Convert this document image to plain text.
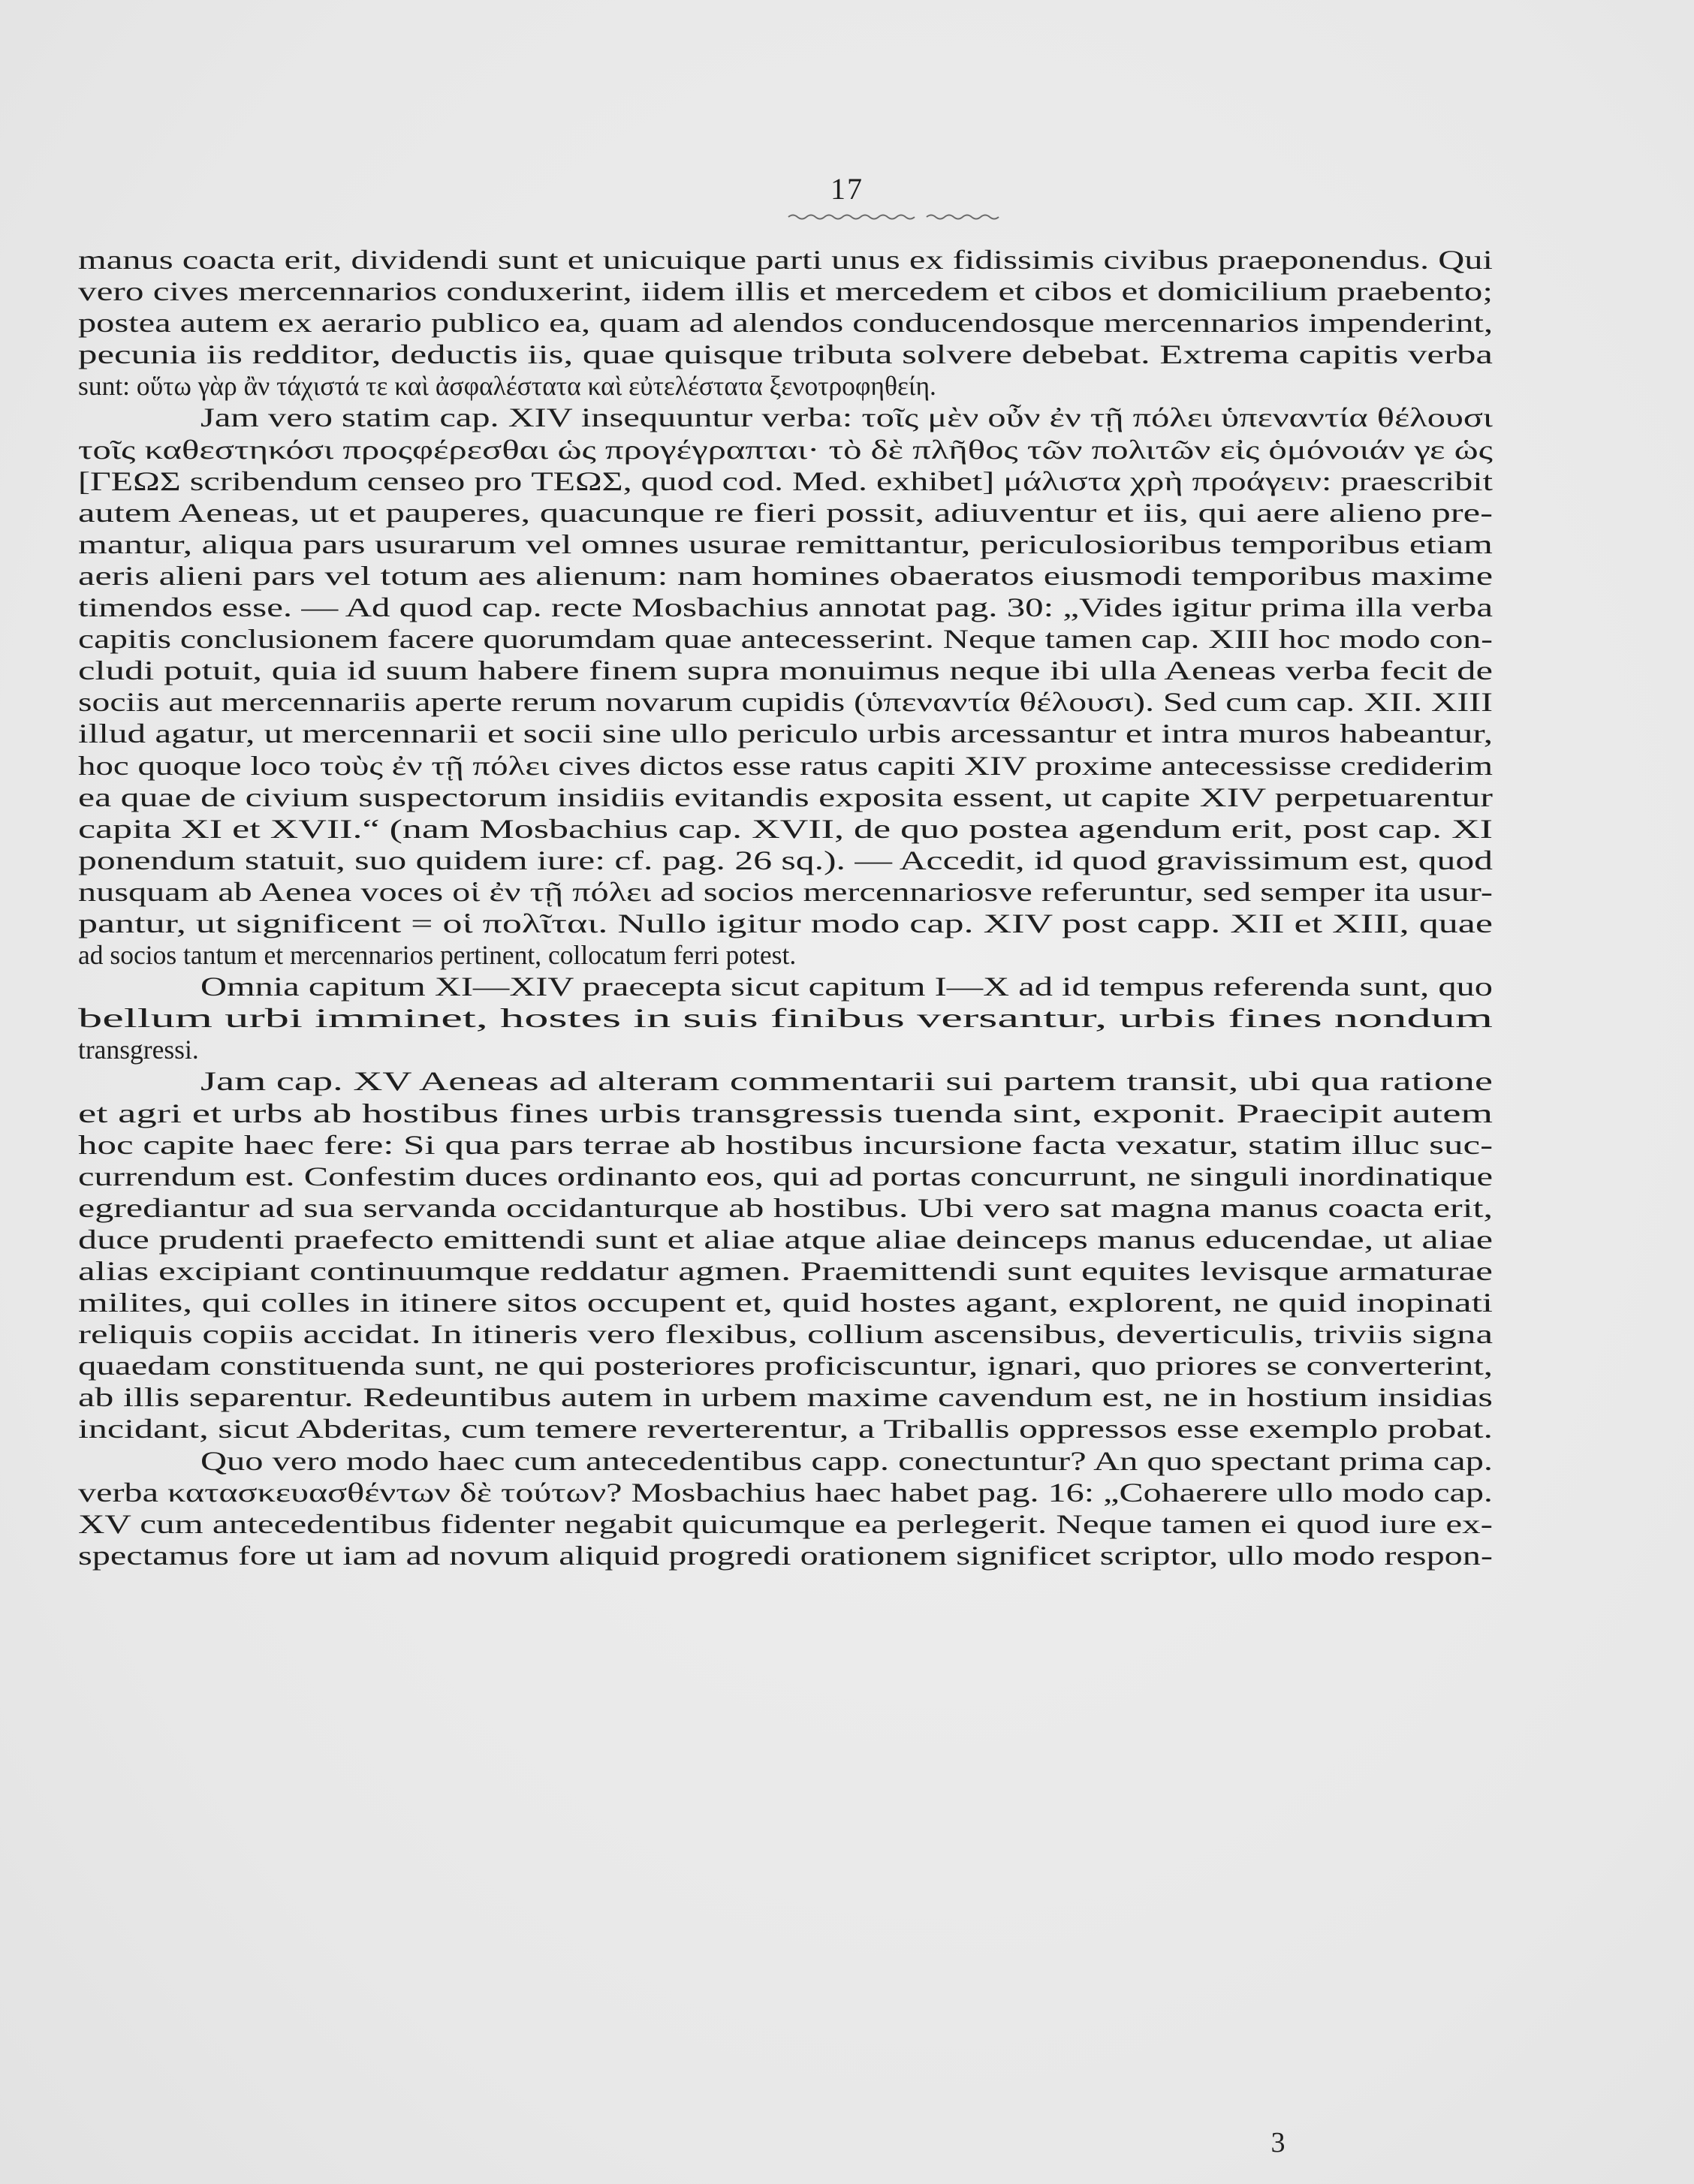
17
manus coacta erit, dividendi sunt et unicuique parti unus ex fidissimis civibus praeponendus. Qui
vero cives mercennarios conduxerint, iidem illis et mercedem et cibos et domicilium praebento;
postea autem ex aerario publico ea, quam ad alendos conducendosque mercennarios impenderint,
pecunia iis redditor, deductis iis, quae quisque tributa solvere debebat. Extrema capitis verba
sunt: οὕτω γὰρ ἂν τάχιστά τε καὶ ἀσφαλέστατα καὶ εὐτελέστατα ξενοτροφηθείη.
Jam vero statim cap. XIV insequuntur verba: τοῖς μὲν οὖν ἐν τῇ πόλει ὑπεναντία θέλουσι
τοῖς καθεστηκόσι προςφέρεσθαι ὡς προγέγραπται· τὸ δὲ πλῆθος τῶν πολιτῶν εἰς ὁμόνοιάν γε ὡς
[ΓΕΩΣ scribendum censeo pro ΤΕΩΣ, quod cod. Med. exhibet] μάλιστα χρὴ προάγειν: praescribit
autem Aeneas, ut et pauperes, quacunque re fieri possit, adiuventur et iis, qui aere alieno pre-
mantur, aliqua pars usurarum vel omnes usurae remittantur, periculosioribus temporibus etiam
aeris alieni pars vel totum aes alienum: nam homines obaeratos eiusmodi temporibus maxime
timendos esse. — Ad quod cap. recte Mosbachius annotat pag. 30: „Vides igitur prima illa verba
capitis conclusionem facere quorumdam quae antecesserint. Neque tamen cap. XIII hoc modo con-
cludi potuit, quia id suum habere finem supra monuimus neque ibi ulla Aeneas verba fecit de
sociis aut mercennariis aperte rerum novarum cupidis (ὑπεναντία θέλουσι). Sed cum cap. XII. XIII
illud agatur, ut mercennarii et socii sine ullo periculo urbis arcessantur et intra muros habeantur,
hoc quoque loco τοὺς ἐν τῇ πόλει cives dictos esse ratus capiti XIV proxime antecessisse crediderim
ea quae de civium suspectorum insidiis evitandis exposita essent, ut capite XIV perpetuarentur
capita XI et XVII.“ (nam Mosbachius cap. XVII, de quo postea agendum erit, post cap. XI
ponendum statuit, suo quidem iure: cf. pag. 26 sq.). — Accedit, id quod gravissimum est, quod
nusquam ab Aenea voces οἱ ἐν τῇ πόλει ad socios mercennariosve referuntur, sed semper ita usur-
pantur, ut significent = οἱ πολῖται. Nullo igitur modo cap. XIV post capp. XII et XIII, quae
ad socios tantum et mercennarios pertinent, collocatum ferri potest.
Omnia capitum XI—XIV praecepta sicut capitum I—X ad id tempus referenda sunt, quo
bellum urbi imminet, hostes in suis finibus versantur, urbis fines nondum
transgressi.
Jam cap. XV Aeneas ad alteram commentarii sui partem transit, ubi qua ratione
et agri et urbs ab hostibus fines urbis transgressis tuenda sint, exponit. Praecipit autem
hoc capite haec fere: Si qua pars terrae ab hostibus incursione facta vexatur, statim illuc suc-
currendum est. Confestim duces ordinanto eos, qui ad portas concurrunt, ne singuli inordinatique
egrediantur ad sua servanda occidanturque ab hostibus. Ubi vero sat magna manus coacta erit,
duce prudenti praefecto emittendi sunt et aliae atque aliae deinceps manus educendae, ut aliae
alias excipiant continuumque reddatur agmen. Praemittendi sunt equites levisque armaturae
milites, qui colles in itinere sitos occupent et, quid hostes agant, explorent, ne quid inopinati
reliquis copiis accidat. In itineris vero flexibus, collium ascensibus, deverticulis, triviis signa
quaedam constituenda sunt, ne qui posteriores proficiscuntur, ignari, quo priores se converterint,
ab illis separentur. Redeuntibus autem in urbem maxime cavendum est, ne in hostium insidias
incidant, sicut Abderitas, cum temere reverterentur, a Triballis oppressos esse exemplo probat.
Quo vero modo haec cum antecedentibus capp. conectuntur? An quo spectant prima cap.
verba κατασκευασθέντων δὲ τούτων? Mosbachius haec habet pag. 16: „Cohaerere ullo modo cap.
XV cum antecedentibus fidenter negabit quicumque ea perlegerit. Neque tamen ei quod iure ex-
spectamus fore ut iam ad novum aliquid progredi orationem significet scriptor, ullo modo respon-
3
